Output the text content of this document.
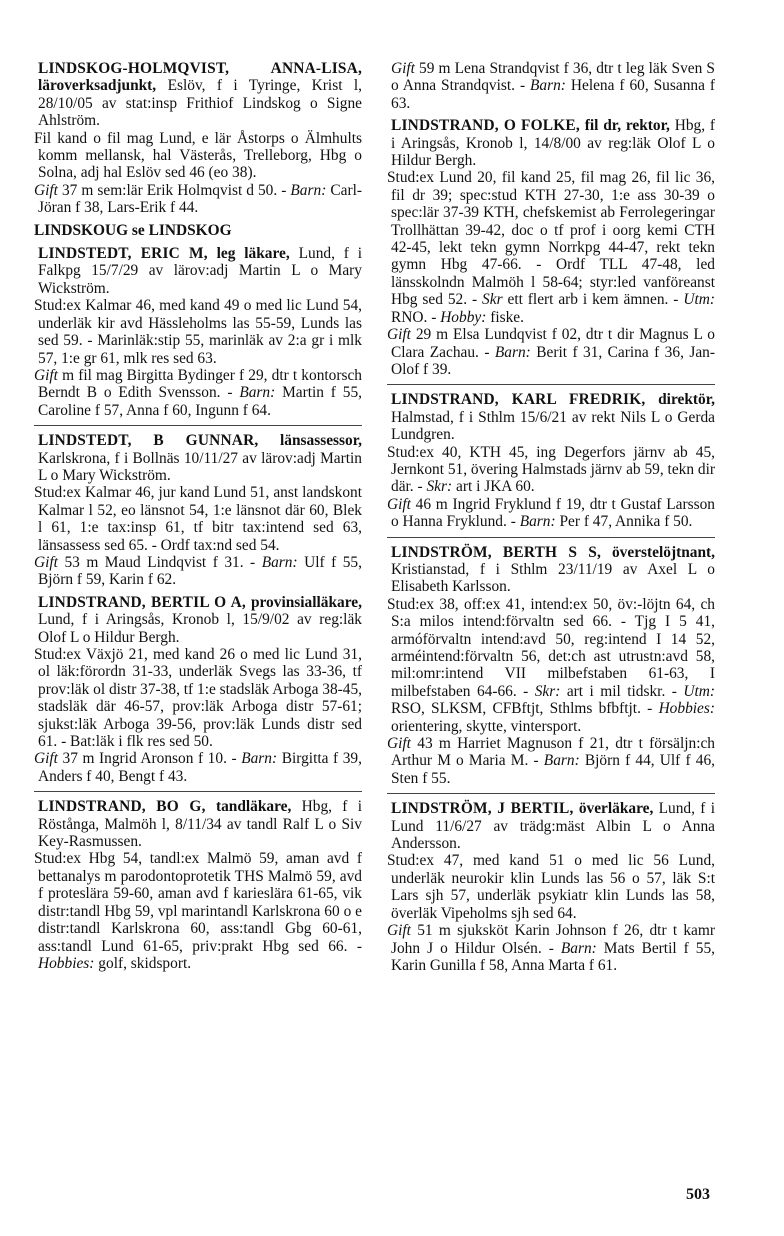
LINDSKOG-HOLMQVIST, ANNA-LISA, läroverksadjunkt, Eslöv, f i Tyringe, Krist l, 28/10/05 av stat:insp Frithiof Lindskog o Signe Ahlström.

Fil kand o fil mag Lund, e lär Åstorps o Älmhults komm mellansk, hal Västerås, Trelleborg, Hbg o Solna, adj hal Eslöv sed 46 (eo 38).

Gift 37 m sem:lär Erik Holmqvist d 50. - Barn: Carl-Jöran f 38, Lars-Erik f 44.

LINDSKOUG se LINDSKOG

LINDSTEDT, ERIC M, leg läkare, Lund, f i Falkpg 15/7/29 av lärov:adj Martin L o Mary Wickström.

Stud:ex Kalmar 46, med kand 49 o med lic Lund 54, underläk kir avd Hässleholms las 55-59, Lunds las sed 59. - Marinläk:stip 55, marinläk av 2:a gr i mlk 57, 1:e gr 61, mlk res sed 63.

Gift m fil mag Birgitta Bydinger f 29, dtr t kontorsch Berndt B o Edith Svensson. - Barn: Martin f 55, Caroline f 57, Anna f 60, Ingunn f 64.

LINDSTEDT, B GUNNAR, länsassessor, Karlskrona, f i Bollnäs 10/11/27 av lärov:adj Martin L o Mary Wickström.

Stud:ex Kalmar 46, jur kand Lund 51, anst landskont Kalmar l 52, eo länsnot 54, 1:e länsnot där 60, Blek l 61, 1:e tax:insp 61, tf bitr tax:intend sed 63, länsassess sed 65. - Ordf tax:nd sed 54.

Gift 53 m Maud Lindqvist f 31. - Barn: Ulf f 55, Björn f 59, Karin f 62.

LINDSTRAND, BERTIL O A, provinsialläkare, Lund, f i Aringsås, Kronob l, 15/9/02 av reg:läk Olof L o Hildur Bergh.

Stud:ex Växjö 21, med kand 26 o med lic Lund 31, ol läk:förordn 31-33, underläk Svegs las 33-36, tf prov:läk ol distr 37-38, tf 1:e stadsläk Arboga 38-45, stadsläk där 46-57, prov:läk Arboga distr 57-61; sjukst:läk Arboga 39-56, prov:läk Lunds distr sed 61. - Bat:läk i flk res sed 50.

Gift 37 m Ingrid Aronson f 10. - Barn: Birgitta f 39, Anders f 40, Bengt f 43.

LINDSTRAND, BO G, tandläkare, Hbg, f i Röstånga, Malmöh l, 8/11/34 av tandl Ralf L o Siv Key-Rasmussen.

Stud:ex Hbg 54, tandl:ex Malmö 59, aman avd f bettanalys m parodontoprotetik THS Malmö 59, avd f proteslära 59-60, aman avd f karieslära 61-65, vik distr:tandl Hbg 59, vpl marintandl Karlskrona 60 o e distr:tandl Karlskrona 60, ass:tandl Gbg 60-61, ass:tandl Lund 61-65, priv:prakt Hbg sed 66. - Hobbies: golf, skidsport.

Gift 59 m Lena Strandqvist f 36, dtr t leg läk Sven S o Anna Strandqvist. - Barn: Helena f 60, Susanna f 63.

LINDSTRAND, O FOLKE, fil dr, rektor, Hbg, f i Aringsås, Kronob l, 14/8/00 av reg:läk Olof L o Hildur Bergh.

Stud:ex Lund 20, fil kand 25, fil mag 26, fil lic 36, fil dr 39; spec:stud KTH 27-30, 1:e ass 30-39 o spec:lär 37-39 KTH, chefskemist ab Ferrolegeringar Trollhättan 39-42, doc o tf prof i oorg kemi CTH 42-45, lekt tekn gymn Norrkpg 44-47, rekt tekn gymn Hbg 47-66. - Ordf TLL 47-48, led länsskolndn Malmöh l 58-64; styr:led vanföreanst Hbg sed 52. - Skr ett flert arb i kem ämnen. - Utm: RNO. - Hobby: fiske.

Gift 29 m Elsa Lundqvist f 02, dtr t dir Magnus L o Clara Zachau. - Barn: Berit f 31, Carina f 36, Jan-Olof f 39.

LINDSTRAND, KARL FREDRIK, direktör, Halmstad, f i Sthlm 15/6/21 av rekt Nils L o Gerda Lundgren.

Stud:ex 40, KTH 45, ing Degerfors järnv ab 45, Jernkont 51, övering Halmstads järnv ab 59, tekn dir där. - Skr: art i JKA 60.

Gift 46 m Ingrid Fryklund f 19, dtr t Gustaf Larsson o Hanna Fryklund. - Barn: Per f 47, Annika f 50.

LINDSTRÖM, BERTH S S, överstelöjtnant, Kristianstad, f i Sthlm 23/11/19 av Axel L o Elisabeth Karlsson.

Stud:ex 38, off:ex 41, intend:ex 50, öv:-löjtn 64, ch S:a milos intend:förvaltn sed 66. - Tjg I 5 41, armóförvaltn intend:avd 50, reg:intend I 14 52, arméintend:förvaltn 56, det:ch ast utrustn:avd 58, mil:omr:intend VII milbefstaben 61-63, I milbefstaben 64-66. - Skr: art i mil tidskr. - Utm: RSO, SLKSM, CFBftjt, Sthlms bfbftjt. - Hobbies: orientering, skytte, vintersport.

Gift 43 m Harriet Magnuson f 21, dtr t försäljn:ch Arthur M o Maria M. - Barn: Björn f 44, Ulf f 46, Sten f 55.

LINDSTRÖM, J BERTIL, överläkare, Lund, f i Lund 11/6/27 av trädg:mäst Albin L o Anna Andersson.

Stud:ex 47, med kand 51 o med lic 56 Lund, underläk neurokir klin Lunds las 56 o 57, läk S:t Lars sjh 57, underläk psykiatr klin Lunds las 58, överläk Vipeholms sjh sed 64.

Gift 51 m sjuksköt Karin Johnson f 26, dtr t kamr John J o Hildur Olsén. - Barn: Mats Bertil f 55, Karin Gunilla f 58, Anna Marta f 61.

503
